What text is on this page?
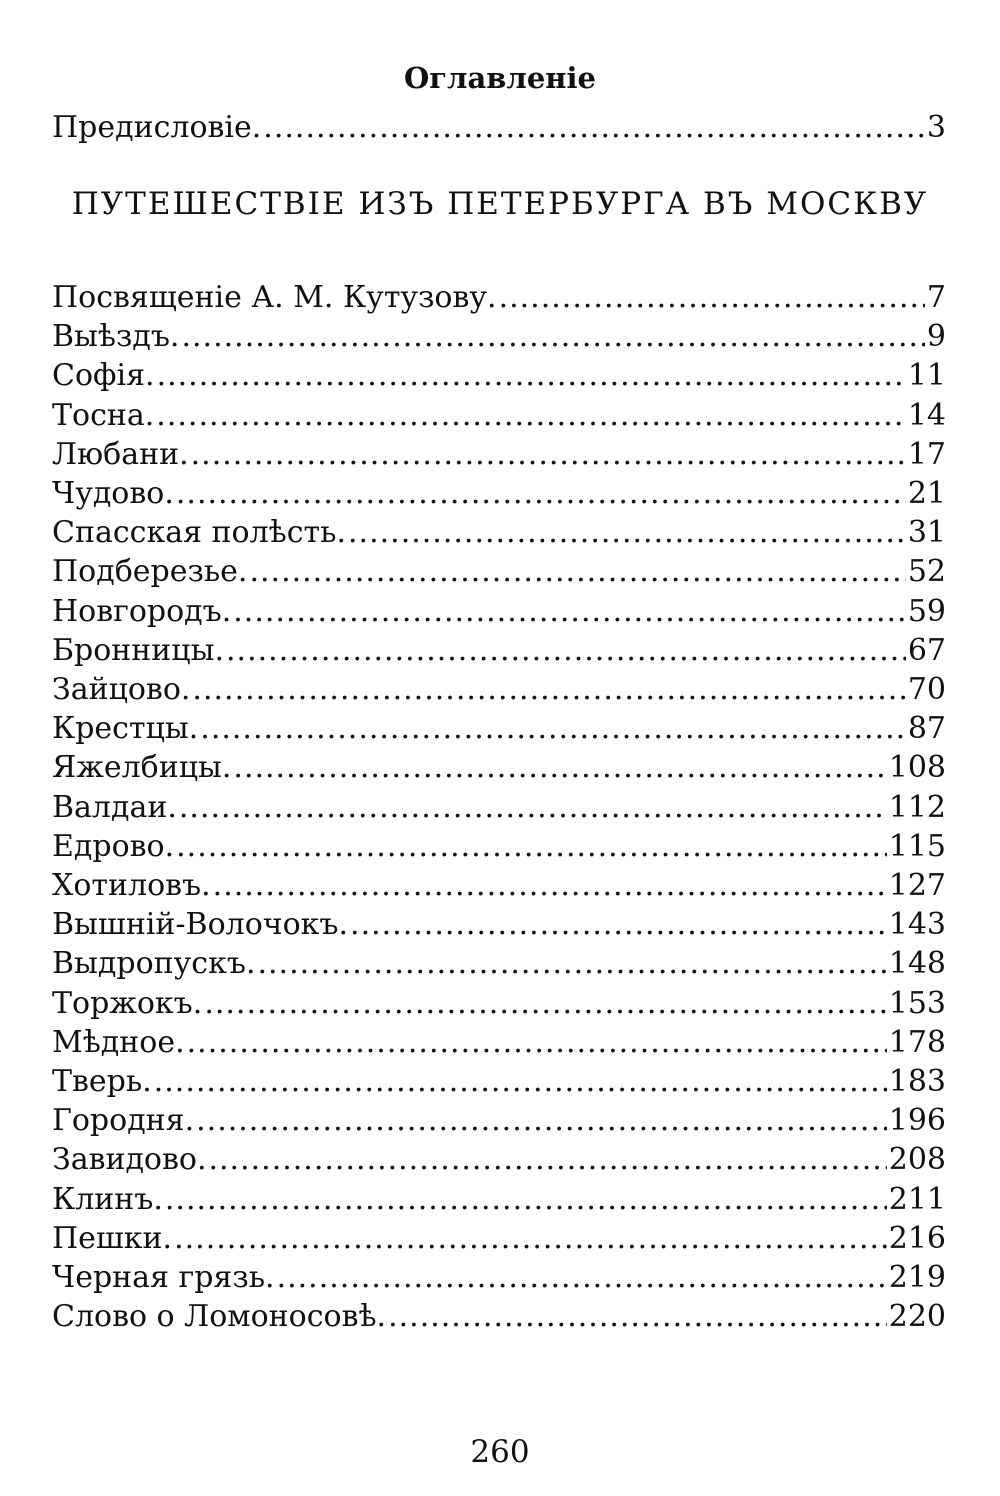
Оглавленіе
Предисловіе. .....	3
ПУТЕШЕСТВІЕ ИЗЪ ПЕТЕРБУРГА ВЪ МОСКВУ
Посвященіе А. М. Кутузову. .....	7
Выѣздъ. .....	9
Софія. .....	11
Тосна. .....	14
Любани. .....	17
Чудово. .....	21
Спасская полѣсть. .....	31
Подберезье. .....	52
Новгородъ. .....	59
Бронницы. .....	67
Зайцово. .....	70
Крестцы. .....	87
Яжелбицы. .....	108
Валдаи. .....	112
Едрово. .....	115
Хотиловъ. .....	127
Вышній-Волочокъ. .....	143
Выдропускъ. .....	148
Торжокъ. .....	153
Мѣдное. .....	178
Тверь. .....	183
Городня. .....	196
Завидово. .....	208
Клинъ. .....	211
Пешки. .....	216
Черная грязь. .....	219
Слово о Ломоносовѣ. .....	220
260
